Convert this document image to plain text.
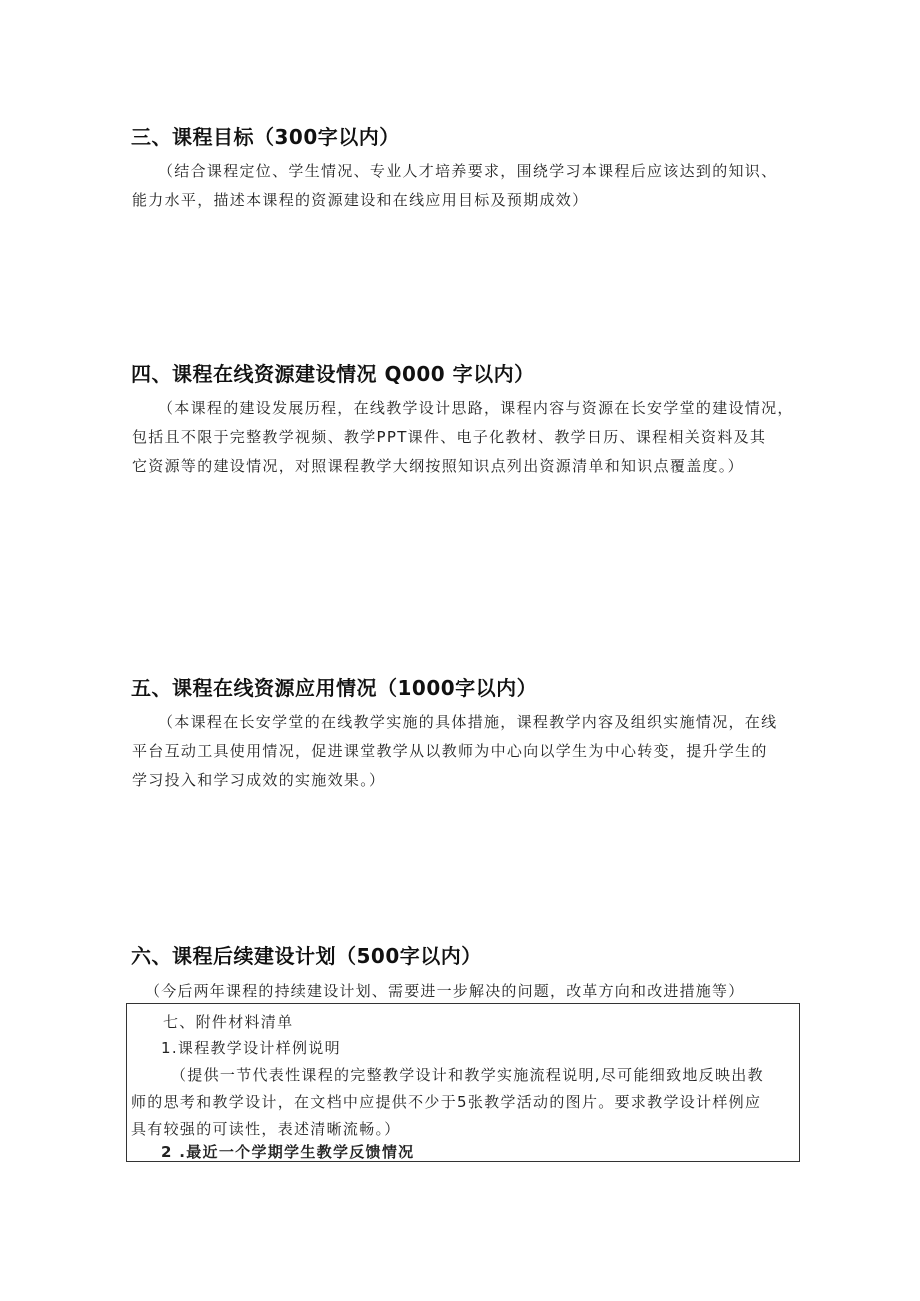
三、课程目标（300字以内）

（结合课程定位、学生情况、专业人才培养要求，围绕学习本课程后应该达到的知识、

能力水平，描述本课程的资源建设和在线应用目标及预期成效）

四、课程在线资源建设情况 Q000 字以内）

（本课程的建设发展历程，在线教学设计思路，课程内容与资源在长安学堂的建设情况，

包括且不限于完整教学视频、教学PPT课件、电子化教材、教学日历、课程相关资料及其

它资源等的建设情况，对照课程教学大纲按照知识点列出资源清单和知识点覆盖度。）

五、课程在线资源应用情况（1000字以内）

（本课程在长安学堂的在线教学实施的具体措施，课程教学内容及组织实施情况，在线

平台互动工具使用情况，促进课堂教学从以教师为中心向以学生为中心转变，提升学生的

学习投入和学习成效的实施效果。）

六、课程后续建设计划（500字以内）
（今后两年课程的持续建设计划、需要进一步解决的问题，改革方向和改进措施等）
七、附件材料清单
1.课程教学设计样例说明

（提供一节代表性课程的完整教学设计和教学实施流程说明,尽可能细致地反映出教

师的思考和教学设计，在文档中应提供不少于5张教学活动的图片。要求教学设计样例应

具有较强的可读性，表述清晰流畅。）

2 .最近一个学期学生教学反馈情况
